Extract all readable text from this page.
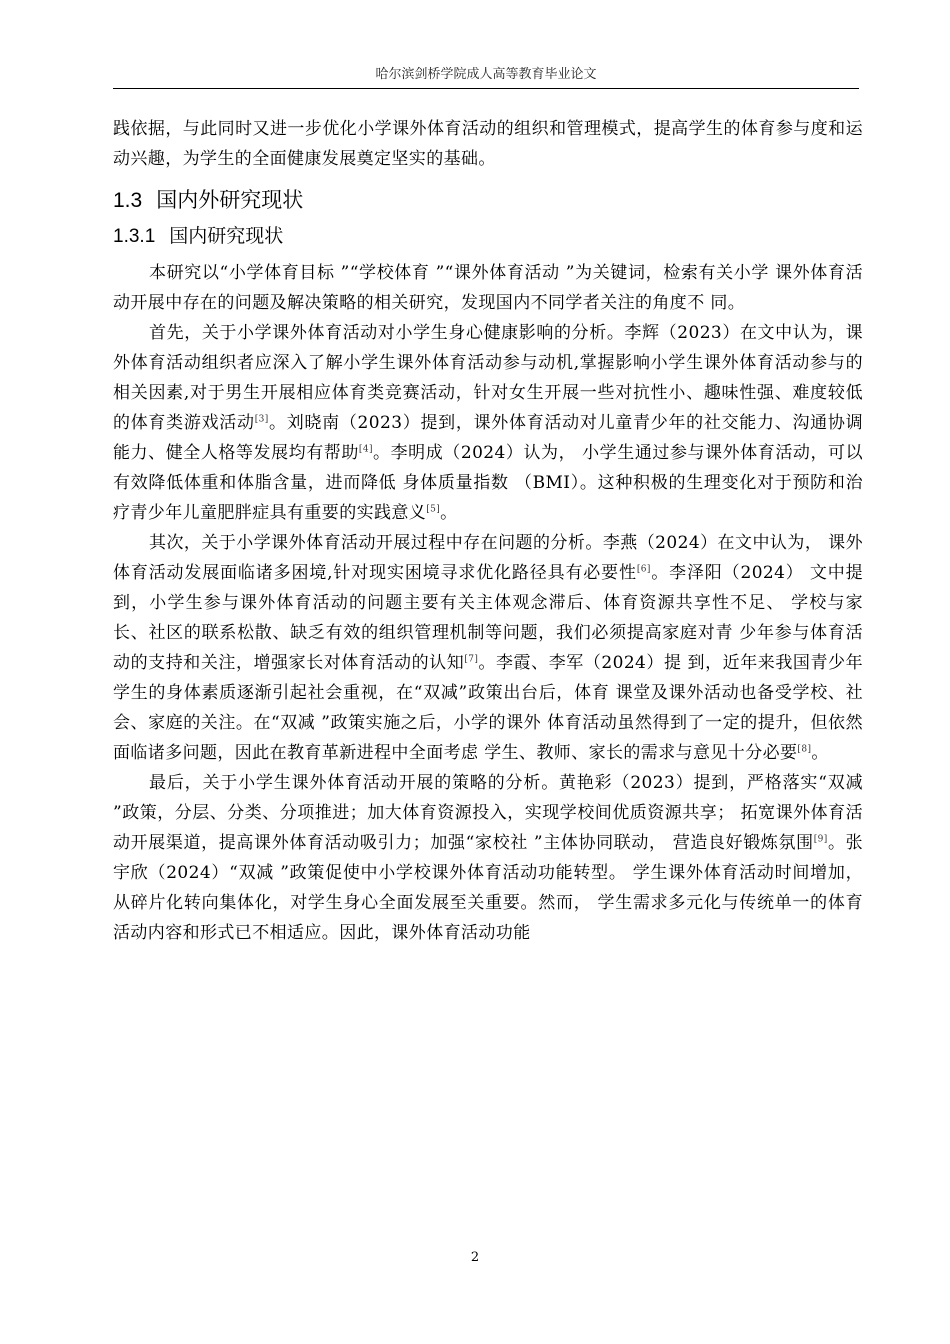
哈尔滨剑桥学院成人高等教育毕业论文

践依据，与此同时又进一步优化小学课外体育活动的组织和管理模式，提高学生的体育参与度和运动兴趣，为学生的全面健康发展奠定坚实的基础。

1.3 国内外研究现状
1.3.1 国内研究现状

本研究以“小学体育目标 ”“学校体育 ”“课外体育活动 ”为关键词，检索有关小学 课外体育活动开展中存在的问题及解决策略的相关研究，发现国内不同学者关注的角度不 同。

首先，关于小学课外体育活动对小学生身心健康影响的分析。李辉（2023）在文中认为，课外体育活动组织者应深入了解小学生课外体育活动参与动机,掌握影响小学生课外体育活动参与的相关因素,对于男生开展相应体育类竞赛活动，针对女生开展一些对抗性小、趣味性强、难度较低的体育类游戏活动[3]。刘晓南（2023）提到，课外体育活动对儿童青少年的社交能力、沟通协调能力、健全人格等发展均有帮助[4]。李明成（2024）认为， 小学生通过参与课外体育活动，可以有效降低体重和体脂含量，进而降低 身体质量指数 （BMI）。这种积极的生理变化对于预防和治疗青少年儿童肥胖症具有重要的实践意义[5]。

其次，关于小学课外体育活动开展过程中存在问题的分析。李燕（2024）在文中认为， 课外体育活动发展面临诸多困境,针对现实困境寻求优化路径具有必要性[6]。李泽阳（2024） 文中提到，小学生参与课外体育活动的问题主要有关主体观念滞后、体育资源共享性不足、 学校与家长、社区的联系松散、缺乏有效的组织管理机制等问题，我们必须提高家庭对青 少年参与体育活动的支持和关注，增强家长对体育活动的认知[7]。李霞、李军（2024）提 到，近年来我国青少年学生的身体素质逐渐引起社会重视，在“双减”政策出台后，体育 课堂及课外活动也备受学校、社会、家庭的关注。在“双减 ”政策实施之后，小学的课外 体育活动虽然得到了一定的提升，但依然面临诸多问题，因此在教育革新进程中全面考虑 学生、教师、家长的需求与意见十分必要[8]。

最后，关于小学生课外体育活动开展的策略的分析。黄艳彩（2023）提到，严格落实“双减 ”政策，分层、分类、分项推进；加大体育资源投入，实现学校间优质资源共享； 拓宽课外体育活动开展渠道，提高课外体育活动吸引力；加强“家校社 ”主体协同联动， 营造良好锻炼氛围[9]。张宇欣（2024）“双减 ”政策促使中小学校课外体育活动功能转型。 学生课外体育活动时间增加，从碎片化转向集体化，对学生身心全面发展至关重要。然而， 学生需求多元化与传统单一的体育活动内容和形式已不相适应。因此，课外体育活动功能

2
